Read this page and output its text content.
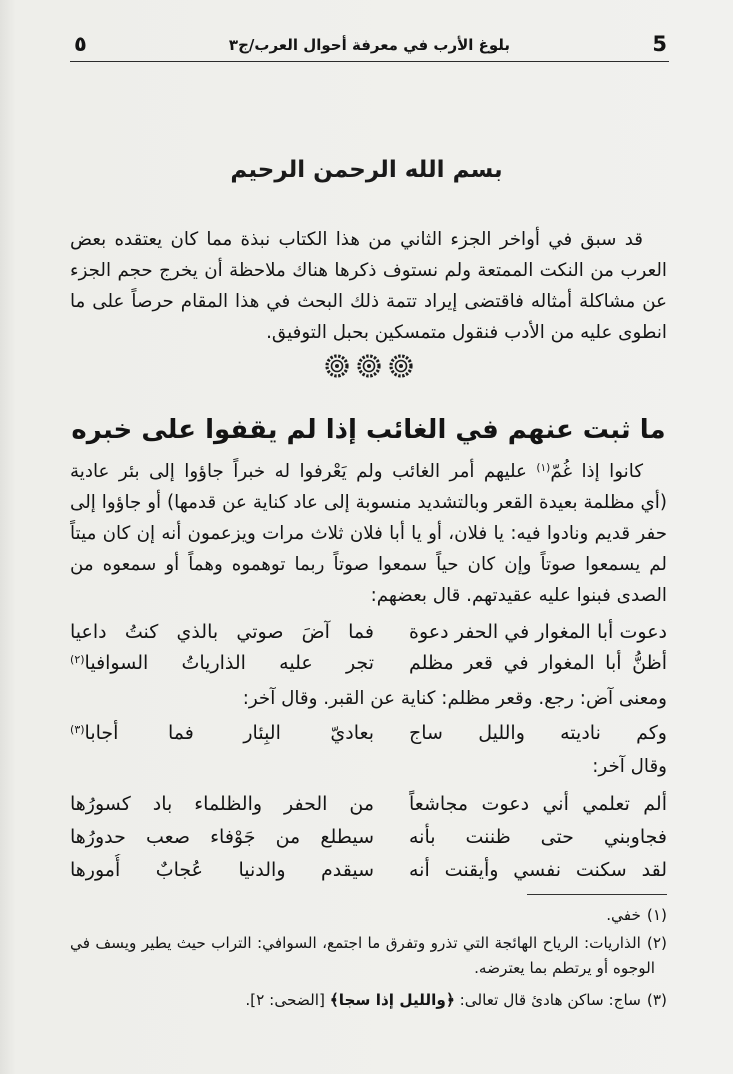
5
بلوغ الأرب في معرفة أحوال العرب/ج٣
٥
بسم الله الرحمن الرحيم
قد سبق في أواخر الجزء الثاني من هذا الكتاب نبذة مما كان يعتقده بعض
العرب من النكت الممتعة ولم نستوف ذكرها هناك ملاحظة أن يخرج حجم الجزء
عن مشاكلة أمثاله فاقتضى إيراد تتمة ذلك البحث في هذا المقام حرصاً على ما
انطوى عليه من الأدب فنقول متمسكين بحبل التوفيق.
ما ثبت عنهم في الغائب إذا لم يقفوا على خبره
كانوا إذا غُمّ$^{(١)}$ عليهم أمر الغائب ولم يَعْرفوا له خبراً جاؤوا إلى بئر عادية
(أي مظلمة بعيدة القعر وبالتشديد منسوبة إلى عاد كناية عن قدمها) أو جاؤوا إلى
حفر قديم ونادوا فيه: يا فلان، أو يا أبا فلان ثلاث مرات ويزعمون أنه إن كان ميتاً
لم يسمعوا صوتاً وإن كان حياً سمعوا صوتاً ربما توهموه وهماً أو سمعوه من
الصدى فبنوا عليه عقيدتهم. قال بعضهم:
دعوت أبا المغوار في الحفر دعوة
فما آضَ صوتي بالذي كنتُ داعيا
أظنُّ أبا المغوار في قعر مظلم
تجر عليه الذارياتُ السوافيا$^{(٢)}$
ومعنى آض: رجع. وقعر مظلم: كناية عن القبر. وقال آخر:
وكم ناديته والليل ساج
بعاديّ البِئار فما أجابا$^{(٣)}$
وقال آخر:
ألم تعلمي أني دعوت مجاشعاً
من الحفر والظلماء باد كسورُها
فجاوبني حتى ظننت بأنه
سيطلع من جَوْفاء صعب حدورُها
لقد سكنت نفسي وأيقنت أنه
سيقدم والدنيا عُجابٌ أُمورها
(١)خفي.
(٢)الذاريات: الرياح الهائجة التي تذرو وتفرق ما اجتمع، السوافي: التراب حيث يطير ويسف في
الوجوه أو يرتطم بما يعترضه.
(٣)ساج: ساكن هادئ قال تعالى: ﴿والليل إذا سجا﴾ [الضحى: ٢].
